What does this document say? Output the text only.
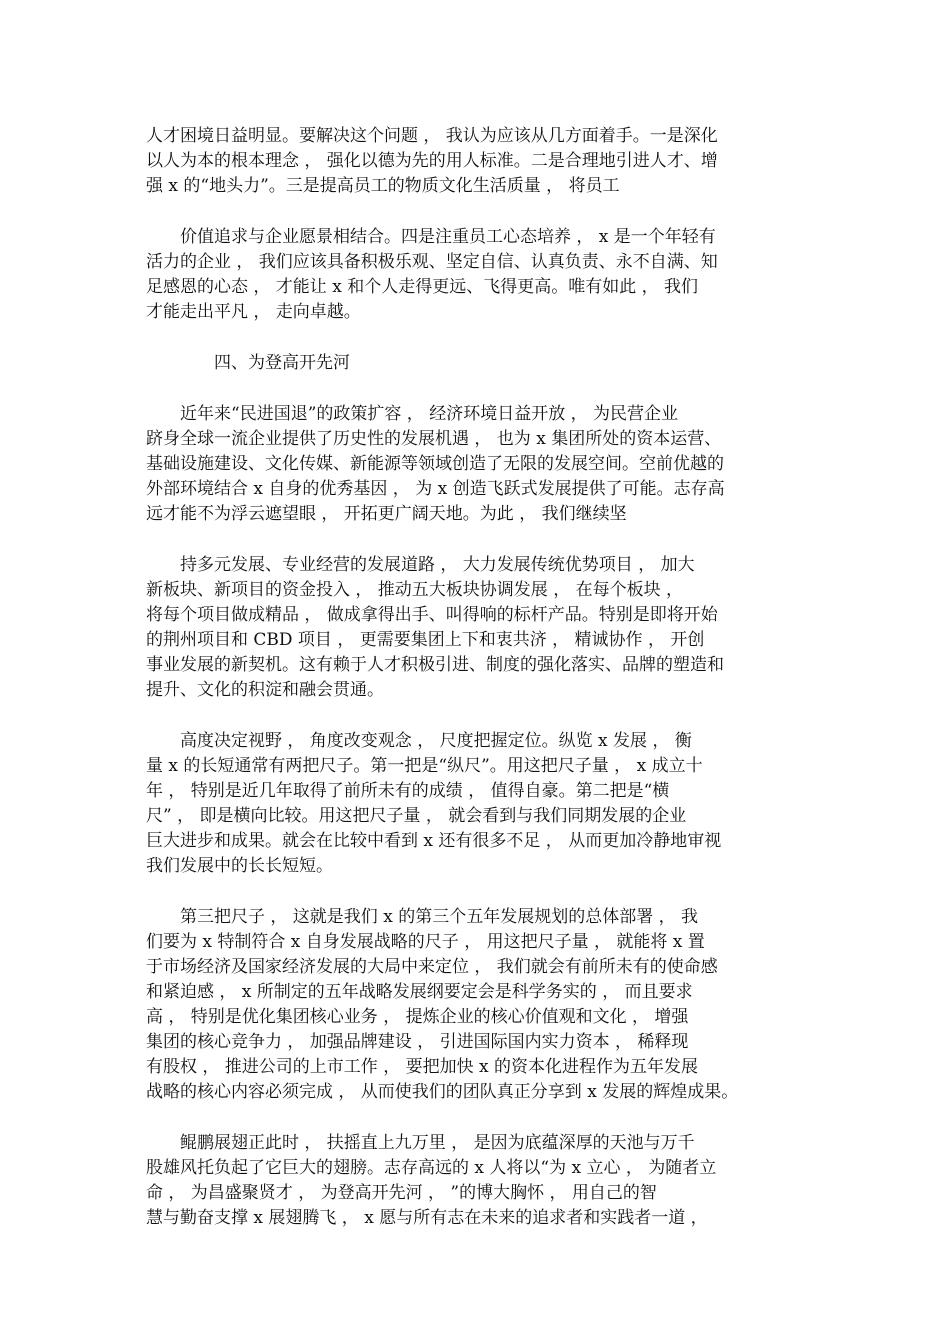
人才困境日益明显。要解决这个问题 ， 我认为应该从几方面着手。一是深化
以人为本的根本理念 ， 强化以德为先的用人标准。二是合理地引进人才、增
强 x 的“地头力”。三是提高员工的物质文化生活质量 ， 将员工
价值追求与企业愿景相结合。四是注重员工心态培养 ， x 是一个年轻有
活力的企业 ， 我们应该具备积极乐观、坚定自信、认真负责、永不自满、知
足感恩的心态 ， 才能让 x 和个人走得更远、飞得更高。唯有如此 ， 我们
才能走出平凡 ， 走向卓越。
四、为登高开先河
近年来“民进国退”的政策扩容 ， 经济环境日益开放 ， 为民营企业
跻身全球一流企业提供了历史性的发展机遇 ， 也为 x 集团所处的资本运营、
基础设施建设、文化传媒、新能源等领域创造了无限的发展空间。空前优越的
外部环境结合 x 自身的优秀基因 ， 为 x 创造飞跃式发展提供了可能。志存高
远才能不为浮云遮望眼 ， 开拓更广阔天地。为此 ， 我们继续坚
持多元发展、专业经营的发展道路 ， 大力发展传统优势项目 ， 加大
新板块、新项目的资金投入 ， 推动五大板块协调发展 ， 在每个板块 ，
将每个项目做成精品 ， 做成拿得出手、叫得响的标杆产品。特别是即将开始
的荆州项目和 CBD 项目 ， 更需要集团上下和衷共济 ， 精诚协作 ， 开创
事业发展的新契机。这有赖于人才积极引进、制度的强化落实、品牌的塑造和
提升、文化的积淀和融会贯通。
高度决定视野 ， 角度改变观念 ， 尺度把握定位。纵览 x 发展 ， 衡
量 x 的长短通常有两把尺子。第一把是“纵尺”。用这把尺子量 ， x 成立十
年 ， 特别是近几年取得了前所未有的成绩 ， 值得自豪。第二把是“横
尺” ， 即是横向比较。用这把尺子量 ， 就会看到与我们同期发展的企业
巨大进步和成果。就会在比较中看到 x 还有很多不足 ， 从而更加冷静地审视
我们发展中的长长短短。
第三把尺子 ， 这就是我们 x 的第三个五年发展规划的总体部署 ， 我
们要为 x 特制符合 x 自身发展战略的尺子 ， 用这把尺子量 ， 就能将 x 置
于市场经济及国家经济发展的大局中来定位 ， 我们就会有前所未有的使命感
和紧迫感 ， x 所制定的五年战略发展纲要定会是科学务实的 ， 而且要求
高 ， 特别是优化集团核心业务 ， 提炼企业的核心价值观和文化 ， 增强
集团的核心竞争力 ， 加强品牌建设 ， 引进国际国内实力资本 ， 稀释现
有股权 ， 推进公司的上市工作 ， 要把加快 x 的资本化进程作为五年发展
战略的核心内容必须完成 ， 从而使我们的团队真正分享到 x 发展的辉煌成果。
鲲鹏展翅正此时 ， 扶摇直上九万里 ， 是因为底蕴深厚的天池与万千
股雄风托负起了它巨大的翅膀。志存高远的 x 人将以“为 x 立心 ， 为随者立
命 ， 为昌盛聚贤才 ， 为登高开先河 ， ”的博大胸怀 ， 用自己的智
慧与勤奋支撑 x 展翅腾飞 ， x 愿与所有志在未来的追求者和实践者一道 ，
